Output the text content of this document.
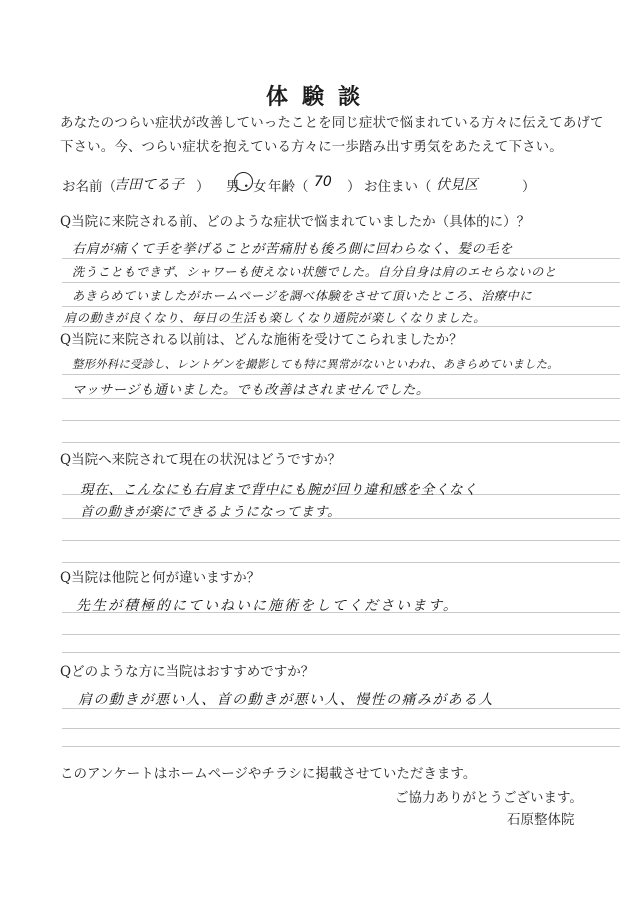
体験談
あなたのつらい症状が改善していったことを同じ症状で悩まれている方々に伝えてあげて下さい。今、つらい症状を抱えている方々に一歩踏み出す勇気をあたえて下さい。
お名前（
吉田てる子 ） 男・女 年齢（ 70 ） お住まい（ 伏見区	）
Q当院に来院される前、どのような症状で悩まれていましたか（具体的に）？
右肩が痛くて手を挙げることが苦痛肘も後ろ側に回わらなく、髪の毛を
洗うこともできず、シャワーも使えない状態でした。自分自身は肩のエセらないのと
あきらめていましたがホームページを調べ体験をさせて頂いたところ、治療中に
肩の動きが良くなり、毎日の生活も楽しくなり通院が楽しくなりました。
Q当院に来院される以前は、どんな施術を受けてこられましたか？
整形外科に受診し、レントゲンを撮影しても特に異常がないといわれ、あきらめていました。
マッサージも通いました。でも改善はされませんでした。
Q当院へ来院されて現在の状況はどうですか？
現在、こんなにも右肩まで背中にも腕が回り違和感を全くなく
首の動きが楽にできるようになってます。
Q当院は他院と何が違いますか？
先生が積極的にていねいに施術をしてくださいます。
Qどのような方に当院はおすすめですか？
肩の動きが悪い人、首の動きが悪い人、慢性の痛みがある人
このアンケートはホームページやチラシに掲載させていただきます。
ご協力ありがとうございます。
石原整体院
